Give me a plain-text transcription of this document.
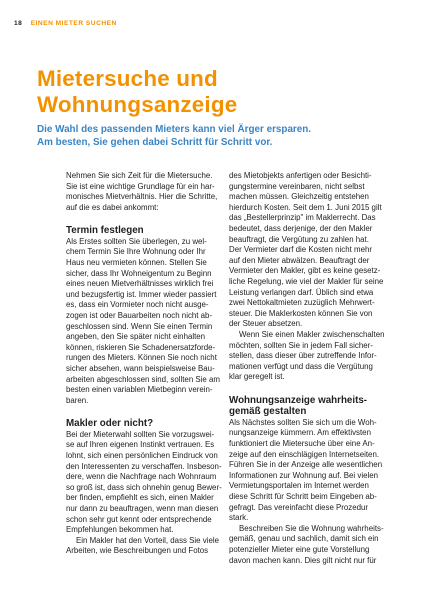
18 EINEN MIETER SUCHEN
Mietersuche und
Wohnungsanzeige
Die Wahl des passenden Mieters kann viel Ärger ersparen.
Am besten, Sie gehen dabei Schritt für Schritt vor.
Nehmen Sie sich Zeit für die Mietersuche.
Sie ist eine wichtige Grundlage für ein har-
monisches Mietverhältnis. Hier die Schritte,
auf die es dabei ankommt:
Termin festlegen
Als Erstes sollten Sie überlegen, zu wel-
chem Termin Sie Ihre Wohnung oder Ihr
Haus neu vermieten können. Stellen Sie
sicher, dass Ihr Wohneigentum zu Beginn
eines neuen Mietverhältnisses wirklich frei
und bezugsfertig ist. Immer wieder passiert
es, dass ein Vormieter noch nicht ausge-
zogen ist oder Bauarbeiten noch nicht ab-
geschlossen sind. Wenn Sie einen Termin
angeben, den Sie später nicht einhalten
können, riskieren Sie Schadenersatzforde-
rungen des Mieters. Können Sie noch nicht
sicher absehen, wann beispielsweise Bau-
arbeiten abgeschlossen sind, sollten Sie am
besten einen variablen Mietbeginn verein-
baren.
Makler oder nicht?
Bei der Mieterwahl sollten Sie vorzugswei-
se auf Ihren eigenen Instinkt vertrauen. Es
lohnt, sich einen persönlichen Eindruck von
den Interessenten zu verschaffen. Insbeson-
dere, wenn die Nachfrage nach Wohnraum
so groß ist, dass sich ohnehin genug Bewer-
ber finden, empfiehlt es sich, einen Makler
nur dann zu beauftragen, wenn man diesen
schon sehr gut kennt oder entsprechende
Empfehlungen bekommen hat.
Ein Makler hat den Vorteil, dass Sie viele
Arbeiten, wie Beschreibungen und Fotos
des Mietobjekts anfertigen oder Besichti-
gungstermine vereinbaren, nicht selbst
machen müssen. Gleichzeitig entstehen
hierdurch Kosten. Seit dem 1. Juni 2015 gilt
das „Bestellerprinzip" im Maklerrecht. Das
bedeutet, dass derjenige, der den Makler
beauftragt, die Vergütung zu zahlen hat.
Der Vermieter darf die Kosten nicht mehr
auf den Mieter abwälzen. Beauftragt der
Vermieter den Makler, gibt es keine gesetz-
liche Regelung, wie viel der Makler für seine
Leistung verlangen darf. Üblich sind etwa
zwei Nettokaltmieten zuzüglich Mehrwert-
steuer. Die Maklerkosten können Sie von
der Steuer absetzen.
Wenn Sie einen Makler zwischenschalten
möchten, sollten Sie in jedem Fall sicher-
stellen, dass dieser über zutreffende Infor-
mationen verfügt und dass die Vergütung
klar geregelt ist.
Wohnungsanzeige wahrheits-
gemäß gestalten
Als Nächstes sollten Sie sich um die Woh-
nungsanzeige kümmern. Am effektivsten
funktioniert die Mietersuche über eine An-
zeige auf den einschlägigen Internetseiten.
Führen Sie in der Anzeige alle wesentlichen
Informationen zur Wohnung auf. Bei vielen
Vermietungsportalen im Internet werden
diese Schritt für Schritt beim Eingeben ab-
gefragt. Das vereinfacht diese Prozedur
stark.
Beschreiben Sie die Wohnung wahrheits-
gemäß, genau und sachlich, damit sich ein
potenzieller Mieter eine gute Vorstellung
davon machen kann. Dies gilt nicht nur für
